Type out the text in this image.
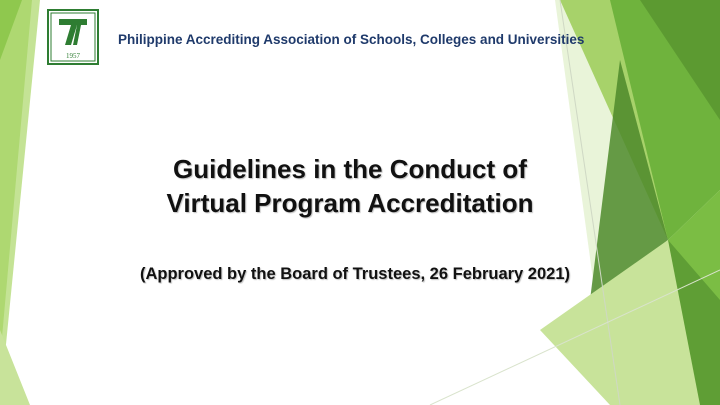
1957
Philippine Accrediting Association of Schools, Colleges and Universities
Guidelines in the Conduct of
Virtual Program Accreditation
(Approved by the Board of Trustees, 26 February 2021)
